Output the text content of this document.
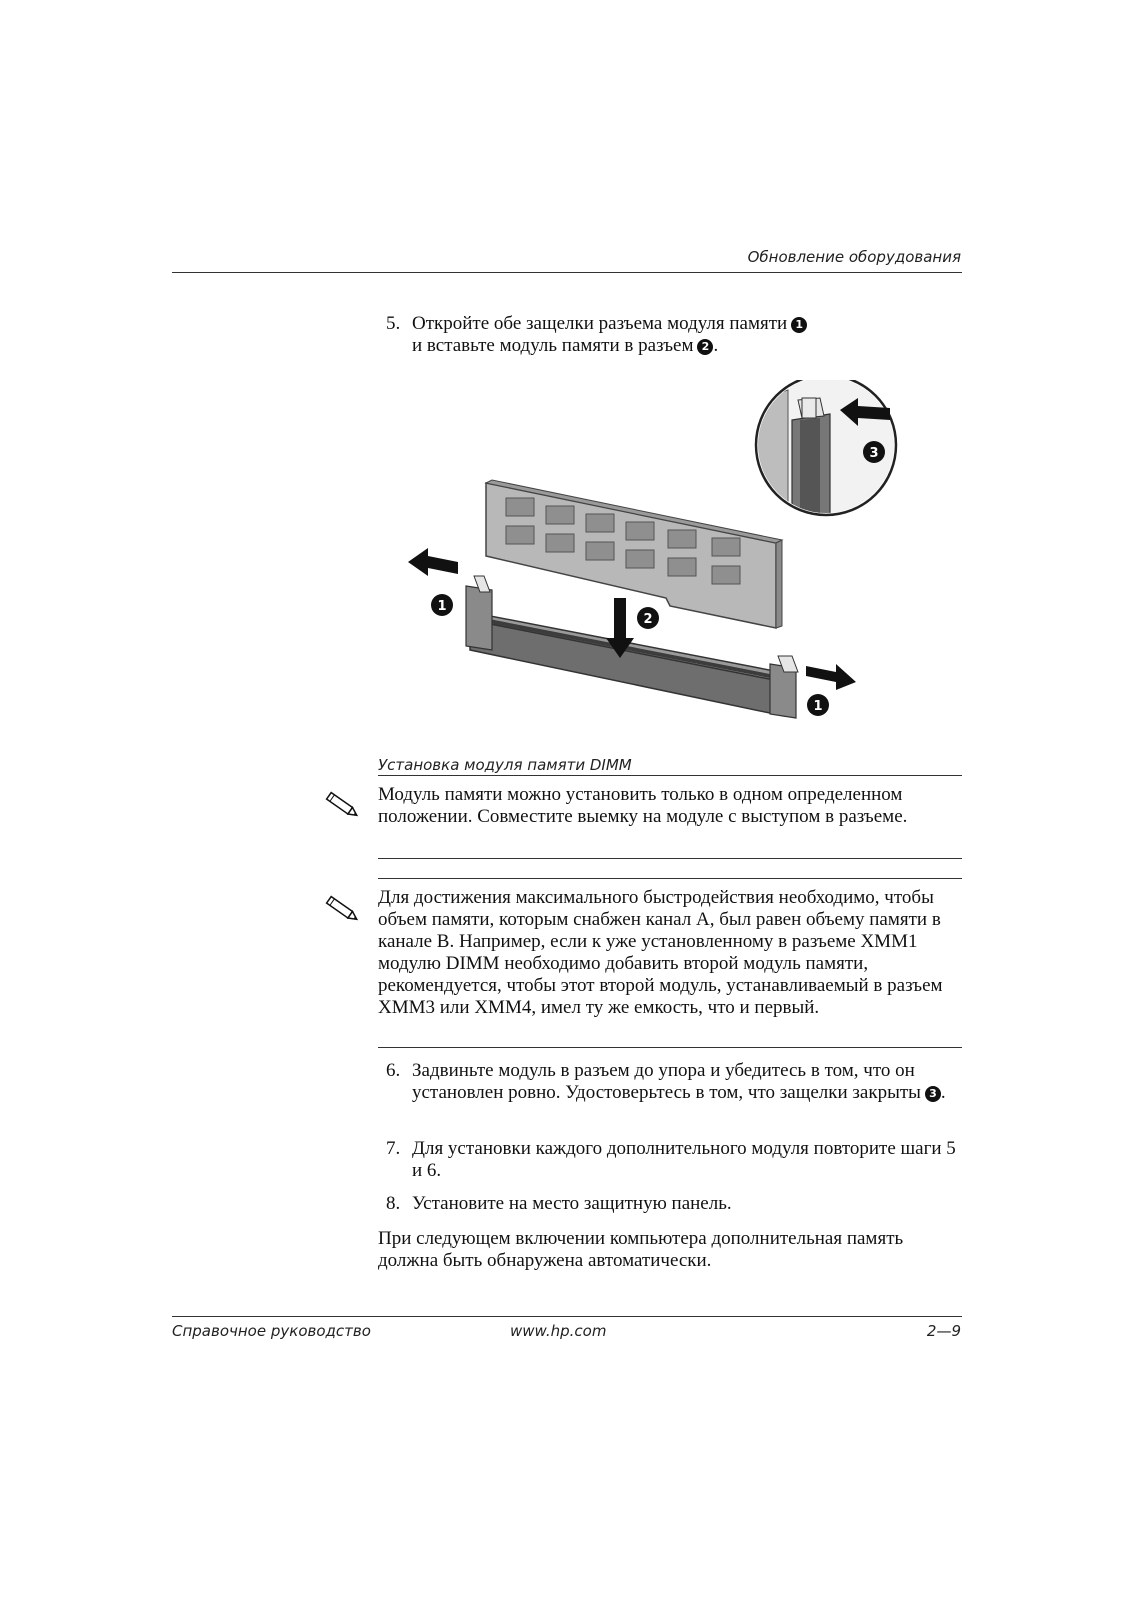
Обновление оборудования
5. Откройте обе защелки разъема модуля памяти 1
и вставьте модуль памяти в разъем 2 .
1
2
1
3
Установка модуля памяти DIMM
Модуль памяти можно установить только в одном определенном положении. Совместите выемку на модуле с выступом в разъеме.
Для достижения максимального быстродействия необходимо, чтобы объем памяти, которым снабжен канал А, был равен объему памяти в канале В. Например, если к уже установленному в разъеме XMM1 модулю DIMM необходимо добавить второй модуль памяти, рекомендуется, чтобы этот второй модуль, устанавливаемый в разъем XMM3 или XMM4, имел ту же емкость, что и первый.
6. Задвиньте модуль в разъем до упора и убедитесь в том, что он установлен ровно. Удостоверьтесь в том, что защелки закрыты 3 .
7. Для установки каждого дополнительного модуля повторите шаги 5 и 6.
8. Установите на место защитную панель.
При следующем включении компьютера дополнительная память должна быть обнаружена автоматически.
Справочное руководство	www.hp.com	2—9
